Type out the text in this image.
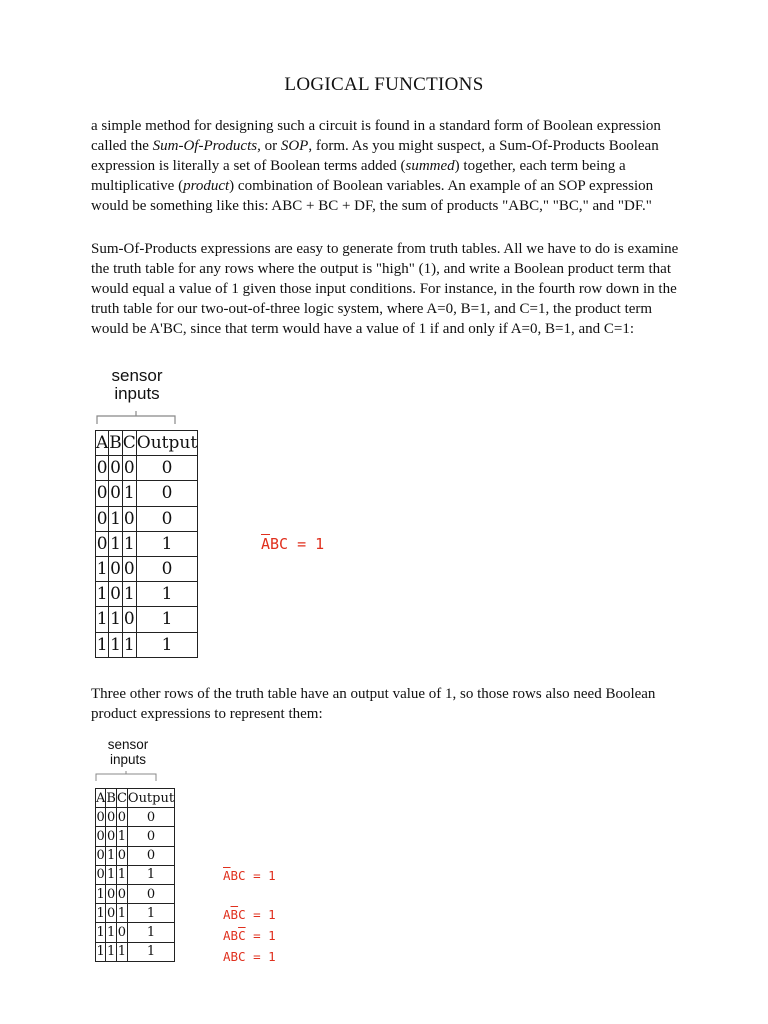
LOGICAL FUNCTIONS

a simple method for designing such a circuit is found in a standard form of Boolean expression called the Sum-Of-Products, or SOP, form. As you might suspect, a Sum-Of-Products Boolean expression is literally a set of Boolean terms added (summed) together, each term being a multiplicative (product) combination of Boolean variables. An example of an SOP expression would be something like this: ABC + BC + DF, the sum of products "ABC," "BC," and "DF."

Sum-Of-Products expressions are easy to generate from truth tables. All we have to do is examine the truth table for any rows where the output is "high" (1), and write a Boolean product term that would equal a value of 1 given those input conditions. For instance, in the fourth row down in the truth table for our two-out-of-three logic system, where A=0, B=1, and C=1, the product term would be A'BC, since that term would have a value of 1 if and only if A=0, B=1, and C=1:

sensor
inputs
A	B	C	Output
0	0	0	0
0	0	1	0
0	1	0	0
0	1	1	1
1	0	0	0
1	0	1	1
1	1	0	1
1	1	1	1
$\overline{A}BC = 1$

Three other rows of the truth table have an output value of 1, so those rows also need Boolean product expressions to represent them:

sensor
inputs
A	B	C	Output
0	0	0	0
0	0	1	0
0	1	0	0
0	1	1	1
1	0	0	0
1	0	1	1
1	1	0	1
1	1	1	1
$\overline{A}BC = 1$
$A\overline{B}C = 1$
$AB\overline{C} = 1$
ABC = 1
